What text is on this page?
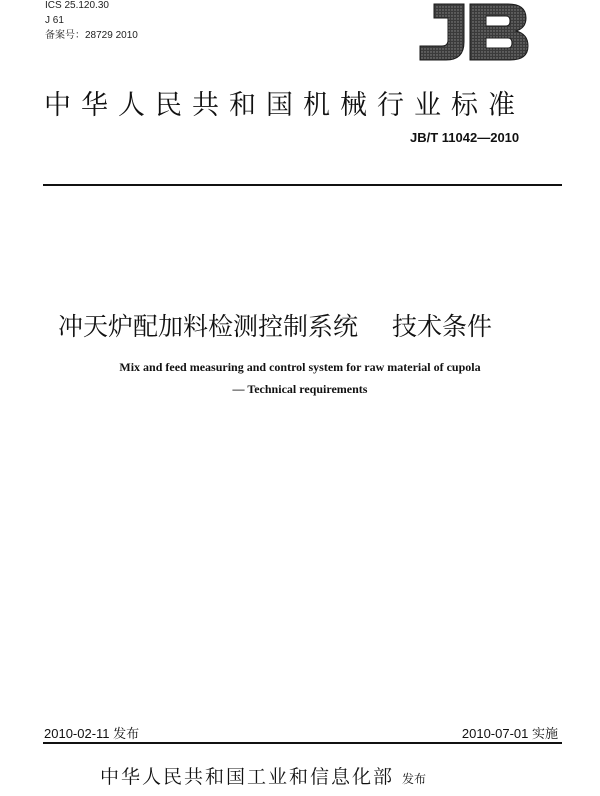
ICS 25.120.30
J 61
备案号：28729 2010
中华人民共和国机械行业标准
JB/T 11042—2010
冲天炉配加料检测控制系统 技术条件
Mix and feed measuring and control system for raw material of cupola
— Technical requirements
2010-02-11 发布	2010-07-01 实施
中华人民共和国工业和信息化部 发布
